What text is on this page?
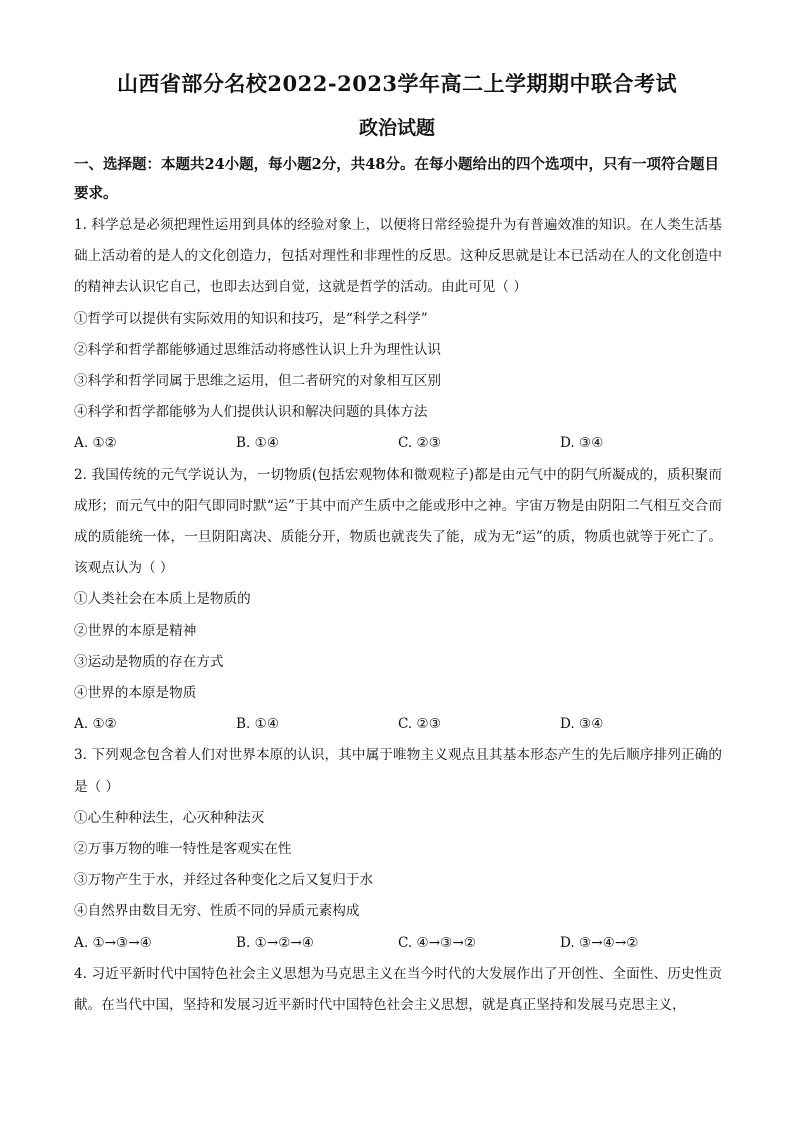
山西省部分名校2022-2023学年高二上学期期中联合考试
政治试题
一、选择题：本题共24小题，每小题2分，共48分。在每小题给出的四个选项中，只有一项符合题目要求。

1. 科学总是必须把理性运用到具体的经验对象上，以便将日常经验提升为有普遍效准的知识。在人类生活基础上活动着的是人的文化创造力，包括对理性和非理性的反思。这种反思就是让本已活动在人的文化创造中的精神去认识它自己，也即去达到自觉，这就是哲学的活动。由此可见（ ）

①哲学可以提供有实际效用的知识和技巧，是“科学之科学”

②科学和哲学都能够通过思维活动将感性认识上升为理性认识

③科学和哲学同属于思维之运用，但二者研究的对象相互区别

④科学和哲学都能够为人们提供认识和解决问题的具体方法

A. ①②	B. ①④	C. ②③	D. ③④

2. 我国传统的元气学说认为，一切物质(包括宏观物体和微观粒子)都是由元气中的阴气所凝成的，质积聚而成形；而元气中的阳气即同时默“运”于其中而产生质中之能或形中之神。宇宙万物是由阴阳二气相互交合而成的质能统一体，一旦阴阳离决、质能分开，物质也就丧失了能，成为无“运”的质，物质也就等于死亡了。该观点认为（ ）

①人类社会在本质上是物质的

②世界的本原是精神

③运动是物质的存在方式

④世界的本原是物质

A. ①②	B. ①④	C. ②③	D. ③④

3. 下列观念包含着人们对世界本原的认识，其中属于唯物主义观点且其基本形态产生的先后顺序排列正确的是（ ）

①心生种种法生，心灭种种法灭

②万事万物的唯一特性是客观实在性

③万物产生于水，并经过各种变化之后又复归于水

④自然界由数目无穷、性质不同的异质元素构成

A. ①→③→④	B. ①→②→④	C. ④→③→②	D. ③→④→②

4. 习近平新时代中国特色社会主义思想为马克思主义在当今时代的大发展作出了开创性、全面性、历史性贡献。在当代中国，坚持和发展习近平新时代中国特色社会主义思想，就是真正坚持和发展马克思主义，
